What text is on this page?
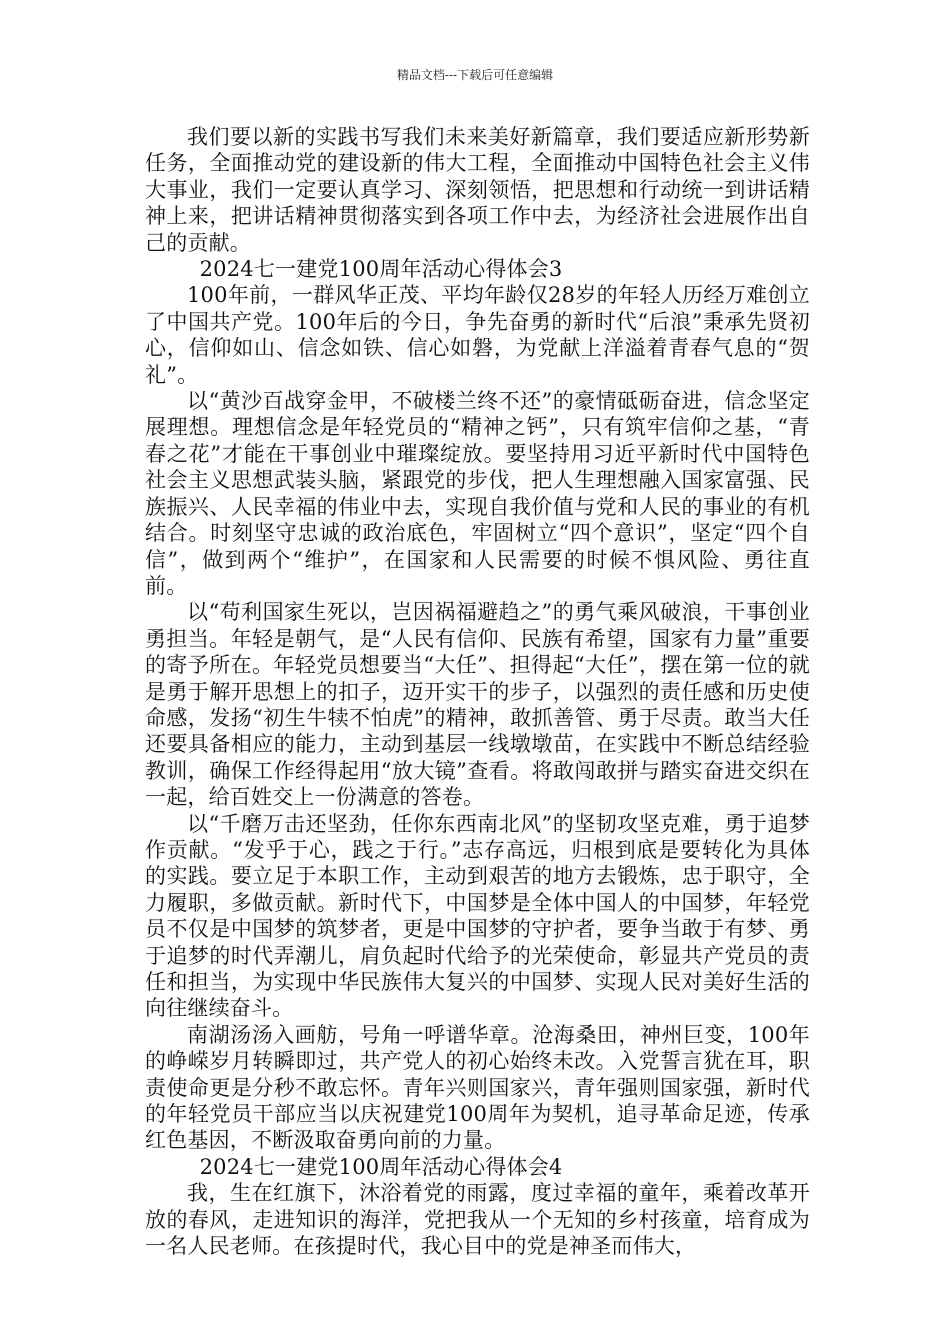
精品文档---下载后可任意编辑

我们要以新的实践书写我们未来美好新篇章，我们要适应新形势新任务，全面推动党的建设新的伟大工程，全面推动中国特色社会主义伟大事业，我们一定要认真学习、深刻领悟，把思想和行动统一到讲话精神上来，把讲话精神贯彻落实到各项工作中去，为经济社会进展作出自己的贡献。

2024七一建党100周年活动心得体会3

100年前，一群风华正茂、平均年龄仅28岁的年轻人历经万难创立了中国共产党。100年后的今日，争先奋勇的新时代“后浪”秉承先贤初心，信仰如山、信念如铁、信心如磐，为党献上洋溢着青春气息的“贺礼”。

以“黄沙百战穿金甲，不破楼兰终不还”的豪情砥砺奋进，信念坚定展理想。理想信念是年轻党员的“精神之钙”，只有筑牢信仰之基，“青春之花”才能在干事创业中璀璨绽放。要坚持用习近平新时代中国特色社会主义思想武装头脑，紧跟党的步伐，把人生理想融入国家富强、民族振兴、人民幸福的伟业中去，实现自我价值与党和人民的事业的有机结合。时刻坚守忠诚的政治底色，牢固树立“四个意识”，坚定“四个自信”，做到两个“维护”，在国家和人民需要的时候不惧风险、勇往直前。

以“苟利国家生死以，岂因祸福避趋之”的勇气乘风破浪，干事创业勇担当。年轻是朝气，是“人民有信仰、民族有希望，国家有力量”重要的寄予所在。年轻党员想要当“大任”、担得起“大任”，摆在第一位的就是勇于解开思想上的扣子，迈开实干的步子，以强烈的责任感和历史使命感，发扬“初生牛犊不怕虎”的精神，敢抓善管、勇于尽责。敢当大任还要具备相应的能力，主动到基层一线墩墩苗，在实践中不断总结经验教训，确保工作经得起用“放大镜”查看。将敢闯敢拼与踏实奋进交织在一起，给百姓交上一份满意的答卷。

以“千磨万击还坚劲，任你东西南北风”的坚韧攻坚克难，勇于追梦作贡献。“发乎于心，践之于行。”志存高远，归根到底是要转化为具体的实践。要立足于本职工作，主动到艰苦的地方去锻炼，忠于职守，全力履职，多做贡献。新时代下，中国梦是全体中国人的中国梦，年轻党员不仅是中国梦的筑梦者，更是中国梦的守护者，要争当敢于有梦、勇于追梦的时代弄潮儿，肩负起时代给予的光荣使命，彰显共产党员的责任和担当，为实现中华民族伟大复兴的中国梦、实现人民对美好生活的向往继续奋斗。

南湖汤汤入画舫，号角一呼谱华章。沧海桑田，神州巨变，100年的峥嵘岁月转瞬即过，共产党人的初心始终未改。入党誓言犹在耳，职责使命更是分秒不敢忘怀。青年兴则国家兴，青年强则国家强，新时代的年轻党员干部应当以庆祝建党100周年为契机，追寻革命足迹，传承红色基因，不断汲取奋勇向前的力量。

2024七一建党100周年活动心得体会4

我，生在红旗下，沐浴着党的雨露，度过幸福的童年，乘着改革开放的春风，走进知识的海洋，党把我从一个无知的乡村孩童，培育成为一名人民老师。在孩提时代，我心目中的党是神圣而伟大，
